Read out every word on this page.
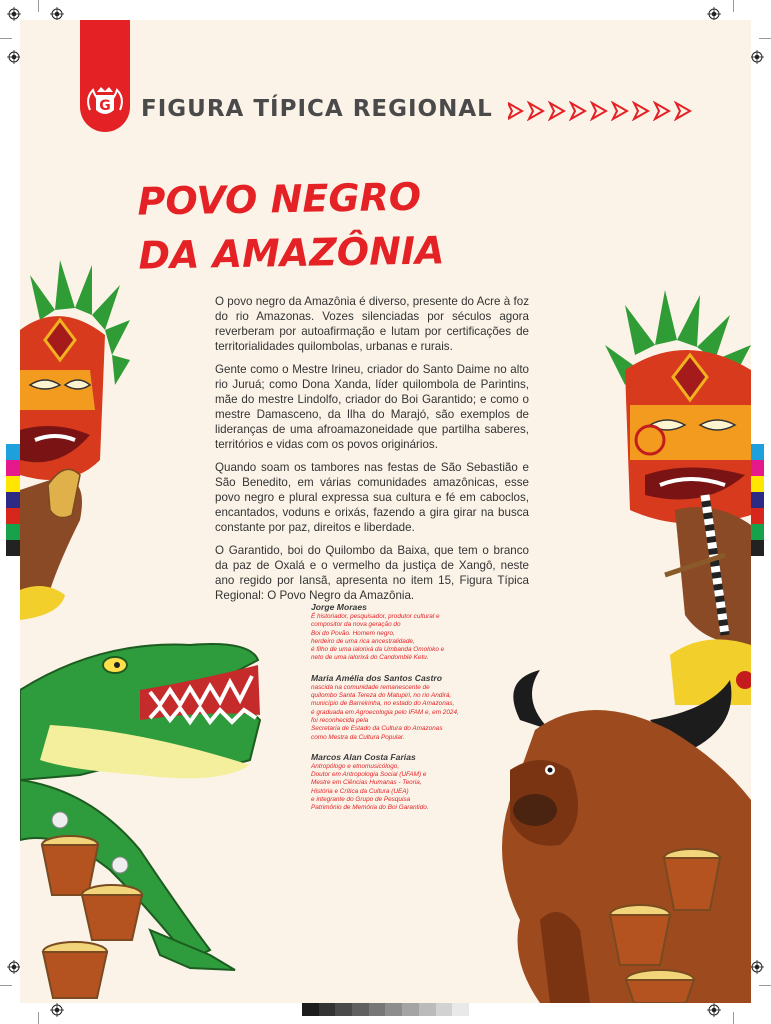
G FIGURA TÍPICA REGIONAL
POVO NEGRO
DA AMAZÔNIA

O povo negro da Amazônia é diverso, presente do Acre à foz do rio Amazonas. Vozes silenciadas por séculos agora reverberam por autoafirmação e lutam por certificações de territorialidades quilombolas, urbanas e rurais.

Gente como o Mestre Irineu, criador do Santo Daime no alto rio Juruá; como Dona Xanda, líder quilombola de Parintins, mãe do mestre Lindolfo, criador do Boi Garantido; e como o mestre Damasceno, da Ilha do Marajó, são exemplos de lideranças de uma afroamazoneidade que partilha saberes, territórios e vidas com os povos originários.

Quando soam os tambores nas festas de São Sebastião e São Benedito, em várias comunidades amazônicas, esse povo negro e plural expressa sua cultura e fé em caboclos, encantados, voduns e orixás, fazendo a gira girar na busca constante por paz, direitos e liberdade.

O Garantido, boi do Quilombo da Baixa, que tem o branco da paz de Oxalá e o vermelho da justiça de Xangô, neste ano regido por Iansã, apresenta no item 15, Figura Típica Regional: O Povo Negro da Amazônia.

Jorge Moraes
É historiador, pesquisador, produtor cultural e
compositor da nova geração do
Boi do Povão. Homem negro,
herdeiro de uma rica ancestralidade,
é filho de uma ialorixá da Umbanda Omoloko e
neto de uma ialorixá do Candomblé Ketu.
Maria Amélia dos Santos Castro
nascida na comunidade remanescente de
quilombo Santa Tereza do Matupiri, no rio Andirá,
município de Barreirinha, no estado do Amazonas,
é graduada em Agroecologia pelo IFAM e, em 2024,
foi reconhecida pela
Secretaria de Estado da Cultura do Amazonas
como Mestra da Cultura Popular.
Marcos Alan Costa Farias
Antropólogo e etnomusicólogo,
Doutor em Antropologia Social (UFAM) e
Mestre em Ciências Humanas - Teoria,
História e Crítica da Cultura (UEA)
e integrante do Grupo de Pesquisa
Patrimônio de Memória do Boi Garantido.
